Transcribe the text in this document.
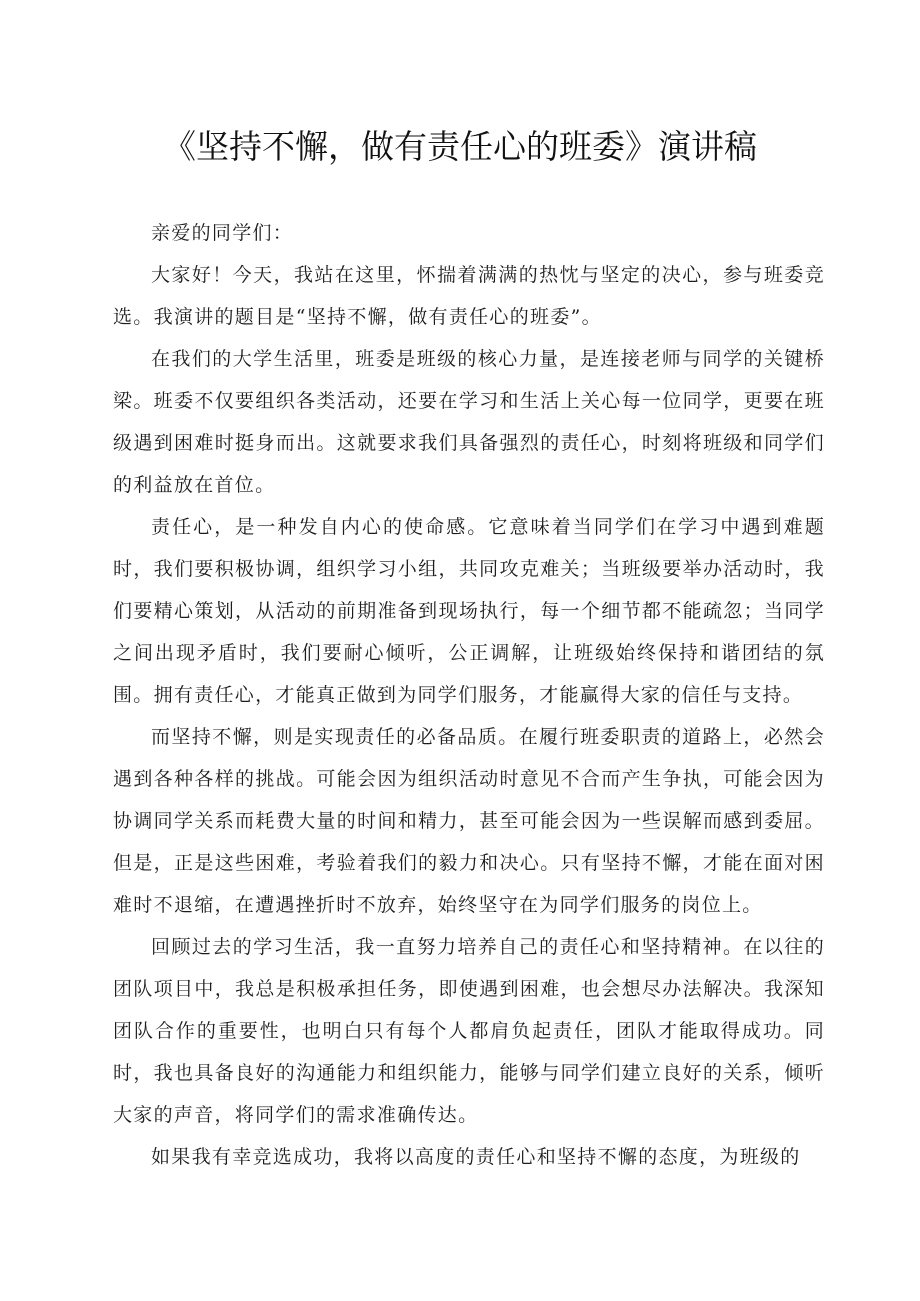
《坚持不懈，做有责任心的班委》演讲稿

亲爱的同学们：

大家好！今天，我站在这里，怀揣着满满的热忱与坚定的决心，参与班委竞选。我演讲的题目是“坚持不懈，做有责任心的班委”。

在我们的大学生活里，班委是班级的核心力量，是连接老师与同学的关键桥梁。班委不仅要组织各类活动，还要在学习和生活上关心每一位同学，更要在班级遇到困难时挺身而出。这就要求我们具备强烈的责任心，时刻将班级和同学们的利益放在首位。

责任心，是一种发自内心的使命感。它意味着当同学们在学习中遇到难题时，我们要积极协调，组织学习小组，共同攻克难关；当班级要举办活动时，我们要精心策划，从活动的前期准备到现场执行，每一个细节都不能疏忽；当同学之间出现矛盾时，我们要耐心倾听，公正调解，让班级始终保持和谐团结的氛围。拥有责任心，才能真正做到为同学们服务，才能赢得大家的信任与支持。

而坚持不懈，则是实现责任的必备品质。在履行班委职责的道路上，必然会遇到各种各样的挑战。可能会因为组织活动时意见不合而产生争执，可能会因为协调同学关系而耗费大量的时间和精力，甚至可能会因为一些误解而感到委屈。但是，正是这些困难，考验着我们的毅力和决心。只有坚持不懈，才能在面对困难时不退缩，在遭遇挫折时不放弃，始终坚守在为同学们服务的岗位上。

回顾过去的学习生活，我一直努力培养自己的责任心和坚持精神。在以往的团队项目中，我总是积极承担任务，即使遇到困难，也会想尽办法解决。我深知团队合作的重要性，也明白只有每个人都肩负起责任，团队才能取得成功。同时，我也具备良好的沟通能力和组织能力，能够与同学们建立良好的关系，倾听大家的声音，将同学们的需求准确传达。

如果我有幸竞选成功，我将以高度的责任心和坚持不懈的态度，为班级的
